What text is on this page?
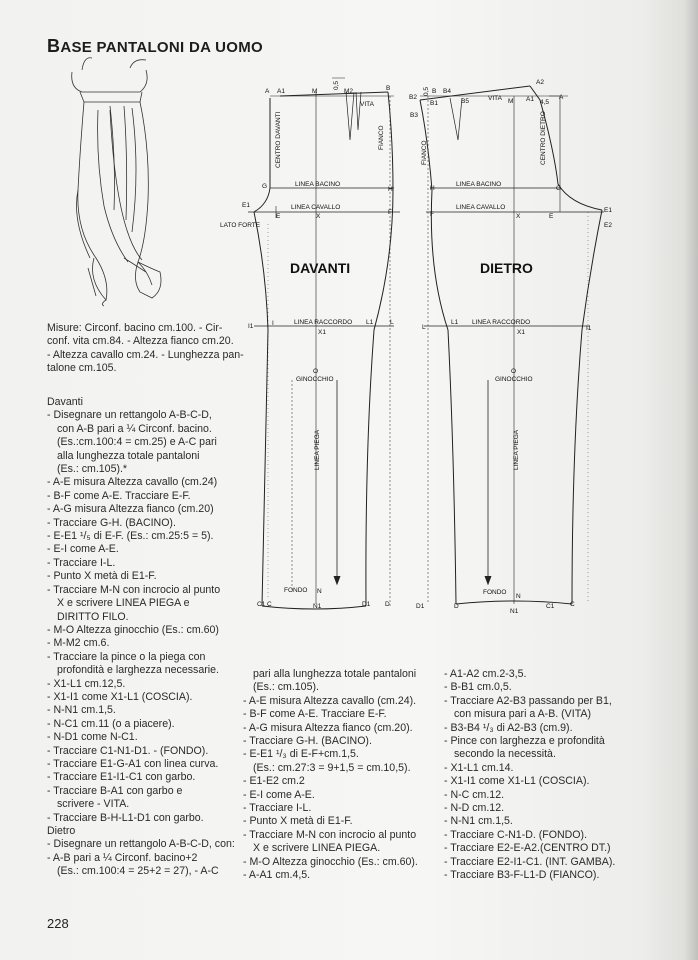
BASE PANTALONI DA UOMO
A A1	M	M2	B
0,5
VITA
CENTRO DAVANTI	FIANCO
G	LINEA BACINO
H
E1
E
LINEA CAVALLO
X
F
LATO FORTE
I1	I	LINEA RACCORDO
X1
L1	L
DAVANTI
O
GINOCCHIO
LINEA PIEGA
FONDO N
N1
C1 C	D1 D
A2
B2
B B4
B1	B5	M A1	A
0,5
4,5
VITA
B3
FIANCO	CENTRO DIETRO
H
LINEA BACINO
G
F
LINEA CAVALLO
X	E
E1
E2
DIETRO
L
L1 LINEA RACCORDO
X1
I1
O
GINOCCHIO
LINEA PIEGA
D1	D
FONDO
N
C1 C
N1
Misure: Circonf. bacino cm.100. - Cir-
conf. vita cm.84. - Altezza fianco cm.20.
- Altezza cavallo cm.24. - Lunghezza pan-
talone cm.105.
Davanti
- Disegnare un rettangolo A-B-C-D,
con A-B pari a ¼ Circonf. bacino.
(Es.:cm.100:4 = cm.25) e A-C pari
alla lunghezza totale pantaloni
(Es.: cm.105).*
- A-E misura Altezza cavallo (cm.24)
- B-F come A-E. Tracciare E-F.
- A-G misura Altezza fianco (cm.20)
- Tracciare G-H. (BACINO).
- E-E1 ¹/₅ di E-F. (Es.: cm.25:5 = 5).
- E-I come A-E.
- Tracciare I-L.
- Punto X metà di E1-F.
- Tracciare M-N con incrocio al punto
X e scrivere LINEA PIEGA e
DIRITTO FILO.
- M-O Altezza ginocchio (Es.: cm.60)
- M-M2 cm.6.
- Tracciare la pince o la piega con
profondità e larghezza necessarie.
- X1-L1 cm.12,5.
- X1-I1 come X1-L1 (COSCIA).
- N-N1 cm.1,5.
- N-C1 cm.11 (o a piacere).
- N-D1 come N-C1.
- Tracciare C1-N1-D1. - (FONDO).
- Tracciare E1-G-A1 con linea curva.
- Tracciare E1-I1-C1 con garbo.
- Tracciare B-A1 con garbo e
scrivere - VITA.
- Tracciare B-H-L1-D1 con garbo.
Dietro
- Disegnare un rettangolo A-B-C-D, con:
- A-B pari a ¼ Circonf. bacino+2
(Es.: cm.100:4 = 25+2 = 27), - A-C
pari alla lunghezza totale pantaloni
(Es.: cm.105).
- A-E misura Altezza cavallo (cm.24).
- B-F come A-E. Tracciare E-F.
- A-G misura Altezza fianco (cm.20).
- Tracciare G-H. (BACINO).
- E-E1 ¹/₃ di E-F+cm.1,5.
(Es.: cm.27:3 = 9+1,5 = cm.10,5).
- E1-E2 cm.2
- E-I come A-E.
- Tracciare I-L.
- Punto X metà di E1-F.
- Tracciare M-N con incrocio al punto
X e scrivere LINEA PIEGA.
- M-O Altezza ginocchio (Es.: cm.60).
- A-A1 cm.4,5.
- A1-A2 cm.2-3,5.
- B-B1 cm.0,5.
- Tracciare A2-B3 passando per B1,
con misura pari a A-B. (VITA)
- B3-B4 ¹/₃ di A2-B3 (cm.9).
- Pince con larghezza e profondità
secondo la necessità.
- X1-L1 cm.14.
- X1-I1 come X1-L1 (COSCIA).
- N-C cm.12.
- N-D cm.12.
- N-N1 cm.1,5.
- Tracciare C-N1-D. (FONDO).
- Tracciare E2-E-A2.(CENTRO DT.)
- Tracciare E2-I1-C1. (INT. GAMBA).
- Tracciare B3-F-L1-D (FIANCO).
228
